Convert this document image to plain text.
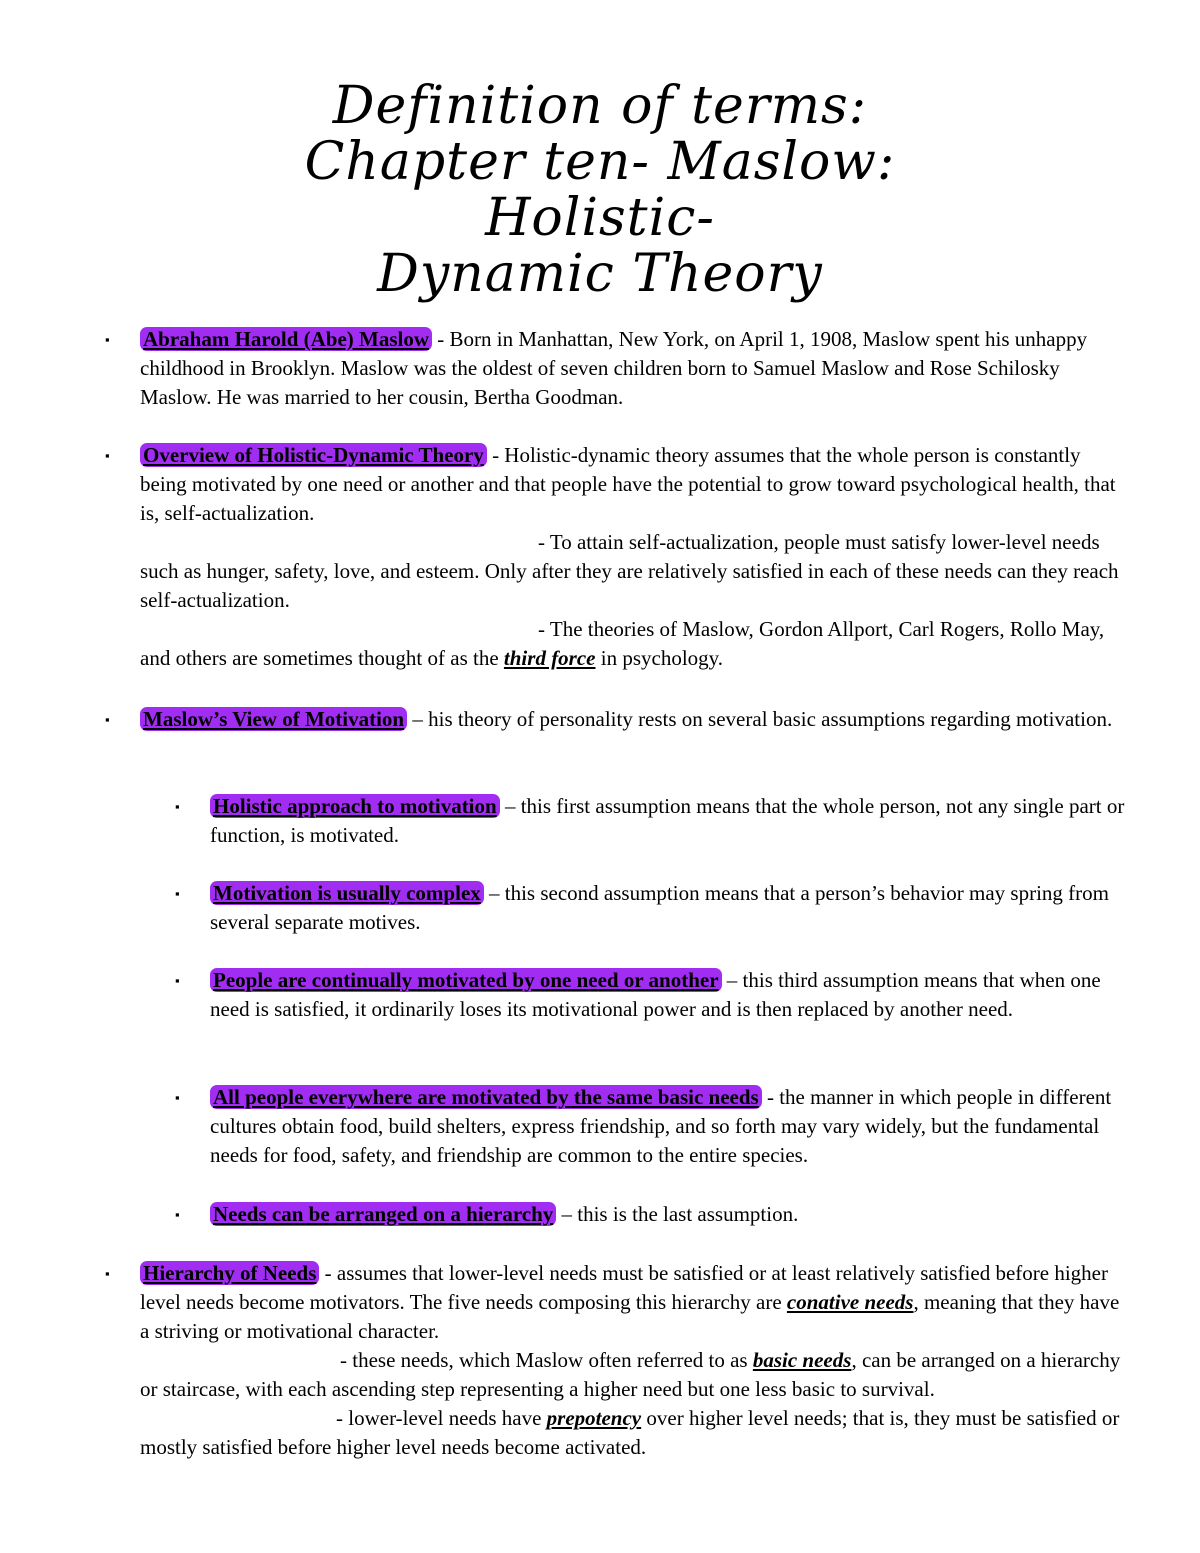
Definition of terms:
Chapter ten- Maslow: Holistic-
Dynamic Theory
▪ Abraham Harold (Abe) Maslow - Born in Manhattan, New York, on April 1, 1908, Maslow spent his unhappy childhood in Brooklyn. Maslow was the oldest of seven children born to Samuel Maslow and Rose Schilosky Maslow. He was married to her cousin, Bertha Goodman.

▪ Overview of Holistic-Dynamic Theory - Holistic-dynamic theory assumes that the whole person is constantly being motivated by one need or another and that people have the potential to grow toward psychological health, that is, self-actualization.

- To attain self-actualization, people must satisfy lower-level needs such as hunger, safety, love, and esteem. Only after they are relatively satisfied in each of these needs can they reach self-actualization.

- The theories of Maslow, Gordon Allport, Carl Rogers, Rollo May, and others are sometimes thought of as the third force in psychology.

▪ Maslow’s View of Motivation – his theory of personality rests on several basic assumptions regarding motivation.

▪ Holistic approach to motivation – this first assumption means that the whole person, not any single part or function, is motivated.

▪ Motivation is usually complex – this second assumption means that a person’s behavior may spring from several separate motives.

▪ People are continually motivated by one need or another – this third assumption means that when one need is satisfied, it ordinarily loses its motivational power and is then replaced by another need.

▪ All people everywhere are motivated by the same basic needs - the manner in which people in different cultures obtain food, build shelters, express friendship, and so forth may vary widely, but the fundamental needs for food, safety, and friendship are common to the entire species.

▪ Needs can be arranged on a hierarchy – this is the last assumption.

▪ Hierarchy of Needs - assumes that lower-level needs must be satisfied or at least relatively satisfied before higher level needs become motivators. The five needs composing this hierarchy are conative needs, meaning that they have a striving or motivational character.

- these needs, which Maslow often referred to as basic needs, can be arranged on a hierarchy or staircase, with each ascending step representing a higher need but one less basic to survival.

- lower-level needs have prepotency over higher level needs; that is, they must be satisfied or mostly satisfied before higher level needs become activated.
